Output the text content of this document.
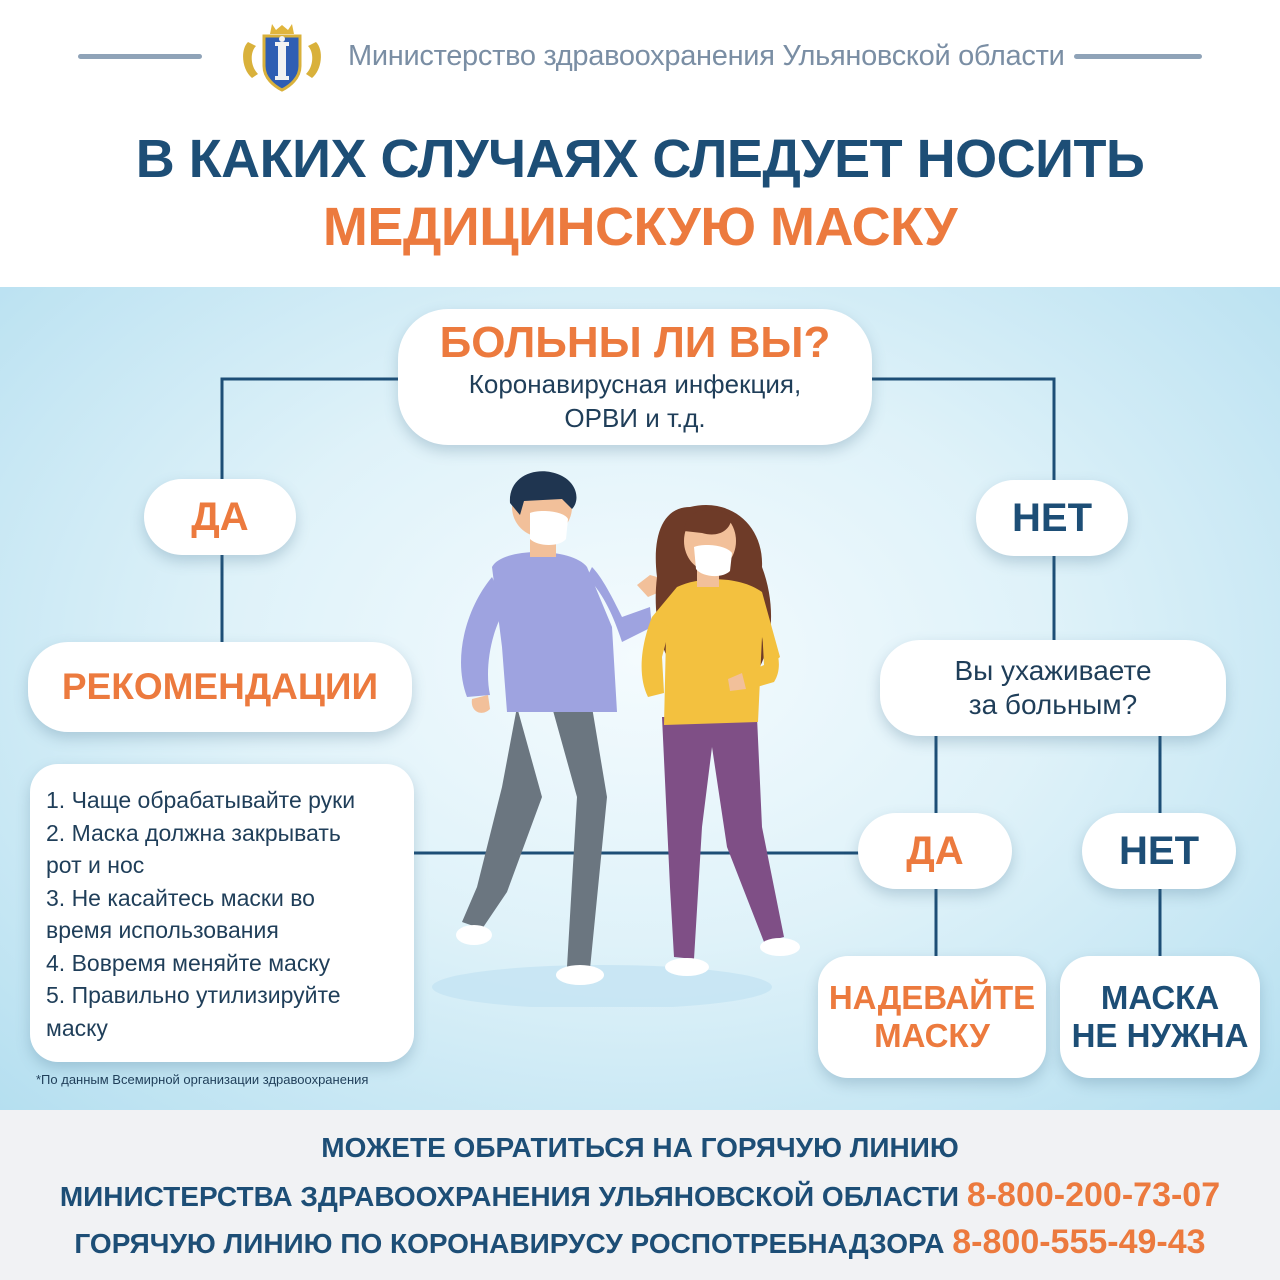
Министерство здравоохранения Ульяновской области
В КАКИХ СЛУЧАЯХ СЛЕДУЕТ НОСИТЬ
МЕДИЦИНСКУЮ МАСКУ
БОЛЬНЫ ЛИ ВЫ?
Коронавирусная инфекция,
ОРВИ и т.д.
ДА	НЕТ
РЕКОМЕНДАЦИИ
1. Чаще обрабатывайте руки
2. Маска должна закрывать
рот и нос
3. Не касайтесь маски во
время использования
4. Вовремя меняйте маску
5. Правильно утилизируйте
маску
*По данным Всемирной организации здравоохранения
Вы ухаживаете
за больным?
ДА	НЕТ
НАДЕВАЙТЕ
МАСКУ
МАСКА
НЕ НУЖНА
МОЖЕТЕ ОБРАТИТЬСЯ НА ГОРЯЧУЮ ЛИНИЮ
МИНИСТЕРСТВА ЗДРАВООХРАНЕНИЯ УЛЬЯНОВСКОЙ ОБЛАСТИ 8-800-200-73-07
ГОРЯЧУЮ ЛИНИЮ ПО КОРОНАВИРУСУ РОСПОТРЕБНАДЗОРА 8-800-555-49-43
